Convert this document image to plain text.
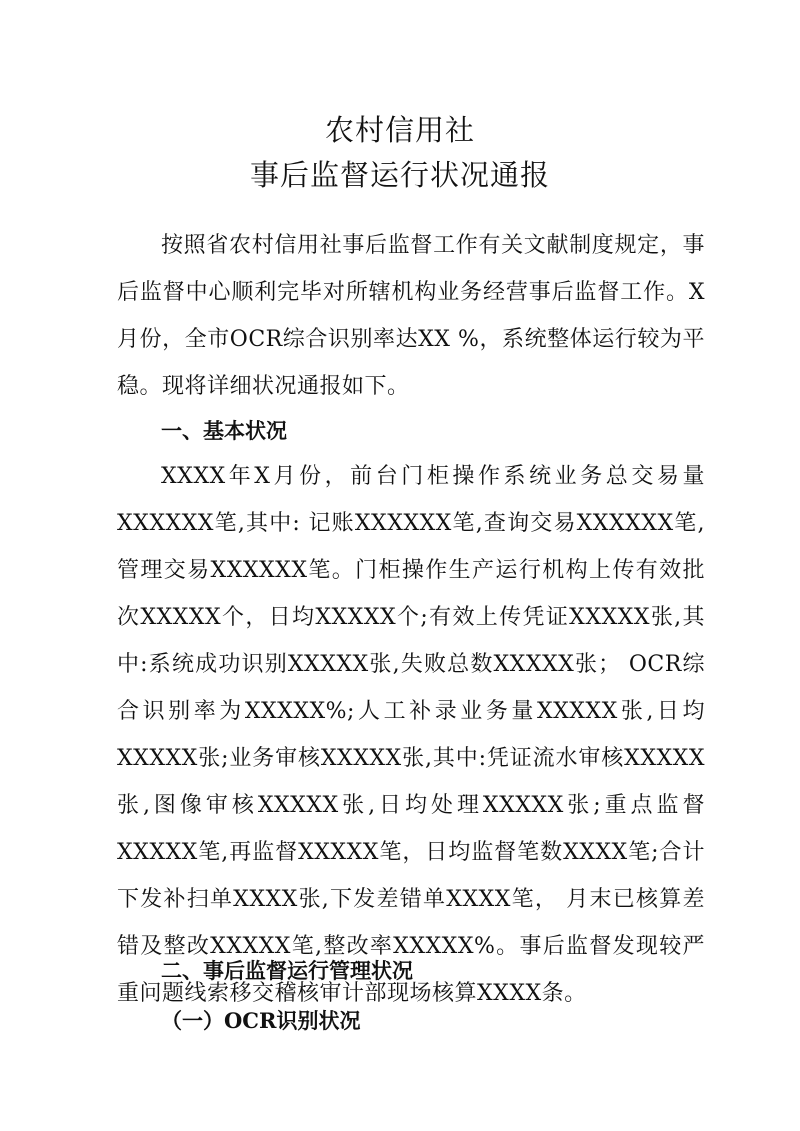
农村信用社
事后监督运行状况通报

按照省农村信用社事后监督工作有关文献制度规定，事后监督中心顺利完毕对所辖机构业务经营事后监督工作。X月份，全市OCR综合识别率达XX %，系统整体运行较为平稳。现将详细状况通报如下。

一、基本状况

XXXX年X月份，前台门柜操作系统业务总交易量XXXXXX笔,其中: 记账XXXXXX笔,查询交易XXXXXX笔,管理交易XXXXXX笔。门柜操作生产运行机构上传有效批次XXXXX个，日均XXXXX个;有效上传凭证XXXXX张,其中:系统成功识别XXXXX张,失败总数XXXXX张； OCR综合识别率为XXXXX%;人工补录业务量XXXXX张,日均XXXXX张;业务审核XXXXX张,其中:凭证流水审核XXXXX张,图像审核XXXXX张,日均处理XXXXX张;重点监督XXXXX笔,再监督XXXXX笔，日均监督笔数XXXX笔;合计下发补扫单XXXX张,下发差错单XXXX笔， 月末已核算差错及整改XXXXX笔,整改率XXXXX%。事后监督发现较严重问题线索移交稽核审计部现场核算XXXX条。

二、事后监督运行管理状况
（一）OCR识别状况
